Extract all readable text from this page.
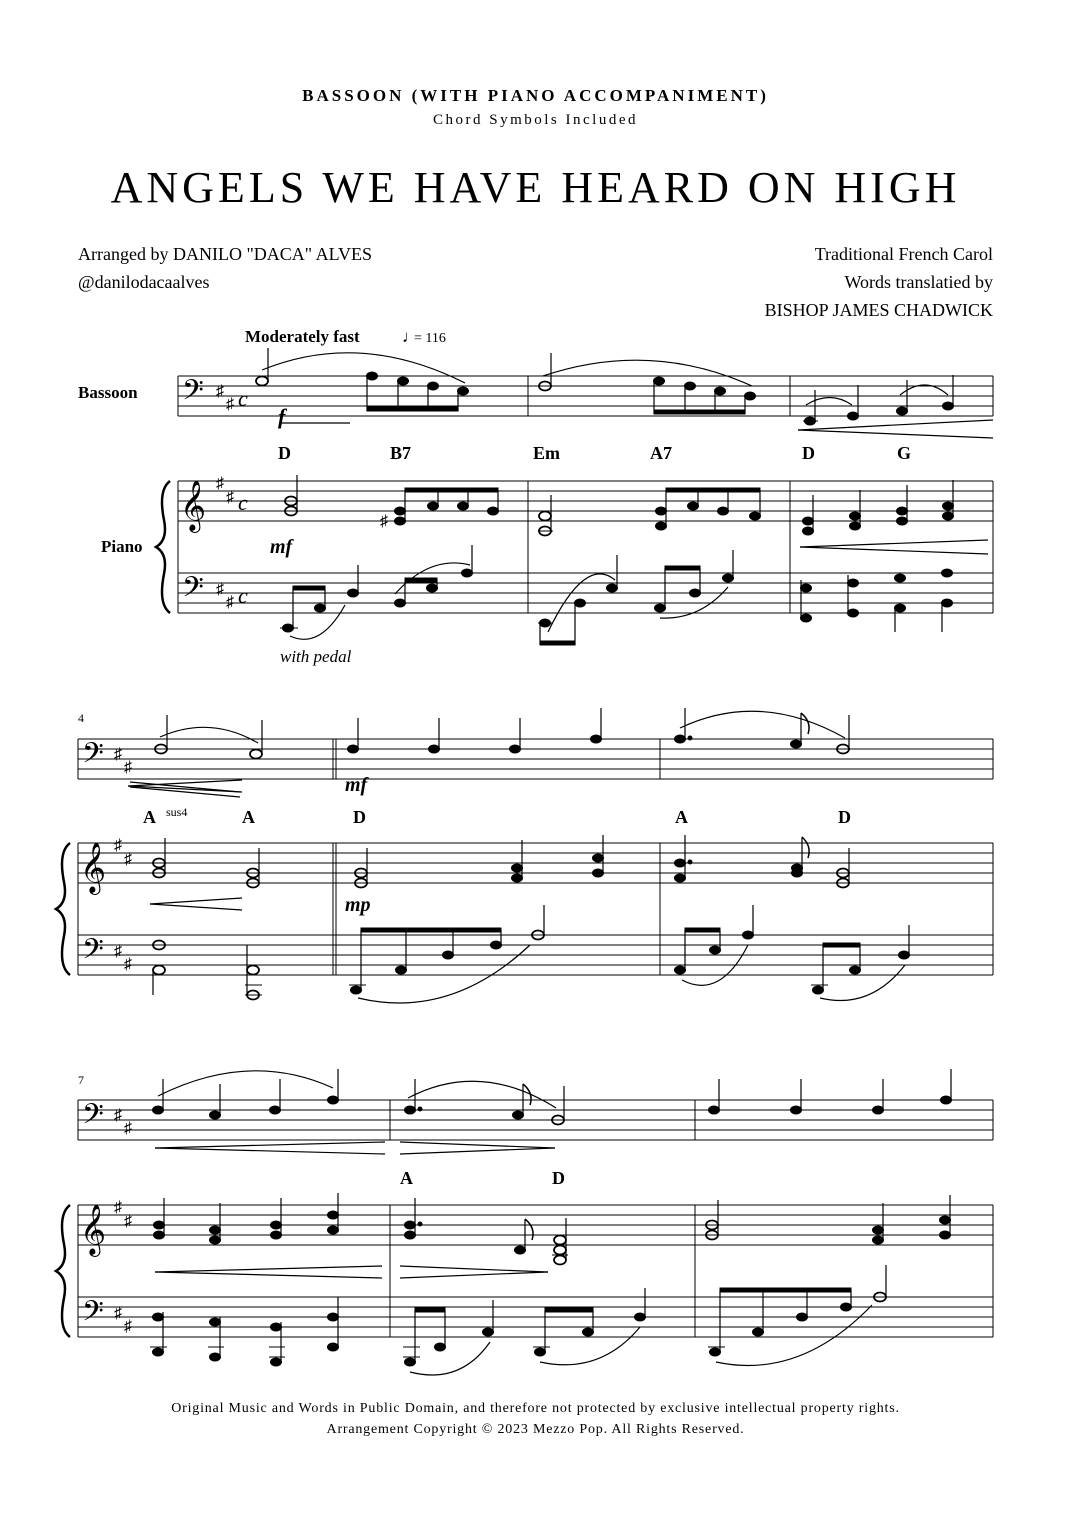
BASSOON (WITH PIANO ACCOMPANIMENT)
Chord Symbols Included
ANGELS WE HAVE HEARD ON HIGH
Arranged by DANILO "DACA" ALVES
@danilodacaalves
Traditional French Carol
Words translatied by
BISHOP JAMES CHADWICK
Moderately fast ♩
= 116
Bassoon
Piano
𝄢 ♯
♯ c
𝄞 ♯
♯ c
𝄢 ♯
♯ c
f
D	B7	Em	A7	D	G
♯
mf
with pedal
4
𝄢 ♯
♯
𝄞 ♯
♯
𝄢 ♯
♯
mf
A sus4	A	D	A	D
mp
7
𝄢 ♯
♯
𝄞 ♯
♯
𝄢 ♯
♯
A	D
Original Music and Words in Public Domain, and therefore not protected by exclusive intellectual property rights.
Arrangement Copyright © 2023 Mezzo Pop. All Rights Reserved.
